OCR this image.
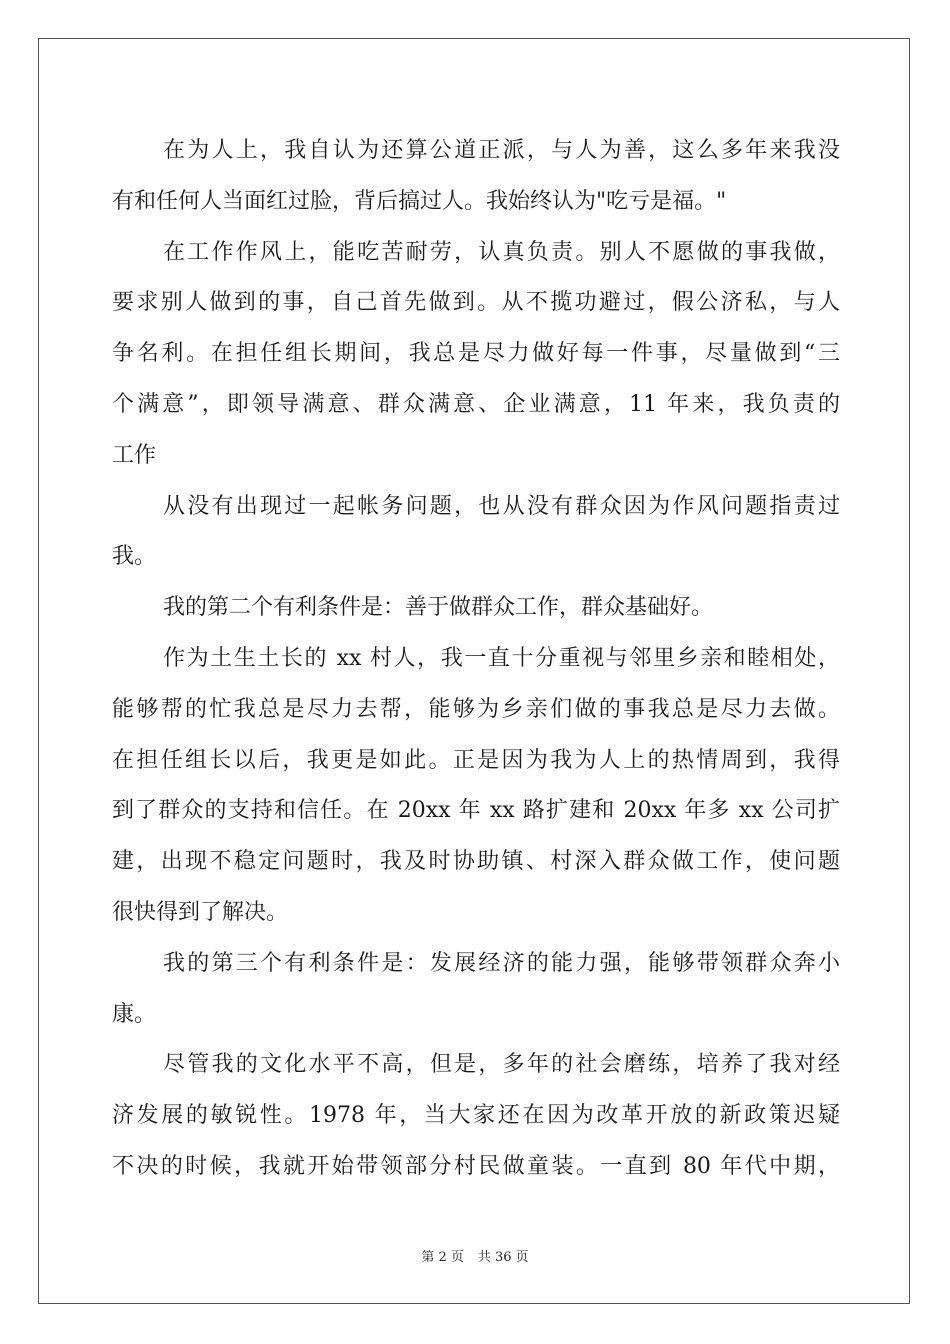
在为人上，我自认为还算公道正派，与人为善，这么多年来我没
有和任何人当面红过脸，背后搞过人。我始终认为"吃亏是福。"
在工作作风上，能吃苦耐劳，认真负责。别人不愿做的事我做，
要求别人做到的事，自己首先做到。从不揽功避过，假公济私，与人
争名利。在担任组长期间，我总是尽力做好每一件事，尽量做到“三
个满意”，即领导满意、群众满意、企业满意，11 年来，我负责的
工作
从没有出现过一起帐务问题，也从没有群众因为作风问题指责过
我。
我的第二个有利条件是：善于做群众工作，群众基础好。
作为土生土长的 xx 村人，我一直十分重视与邻里乡亲和睦相处，
能够帮的忙我总是尽力去帮，能够为乡亲们做的事我总是尽力去做。
在担任组长以后，我更是如此。正是因为我为人上的热情周到，我得
到了群众的支持和信任。在 20xx 年 xx 路扩建和 20xx 年多 xx 公司扩
建，出现不稳定问题时，我及时协助镇、村深入群众做工作，使问题
很快得到了解决。
我的第三个有利条件是：发展经济的能力强，能够带领群众奔小
康。
尽管我的文化水平不高，但是，多年的社会磨练，培养了我对经
济发展的敏锐性。1978 年，当大家还在因为改革开放的新政策迟疑
不决的时候，我就开始带领部分村民做童装。一直到 80 年代中期，
第 2 页 共 36 页
